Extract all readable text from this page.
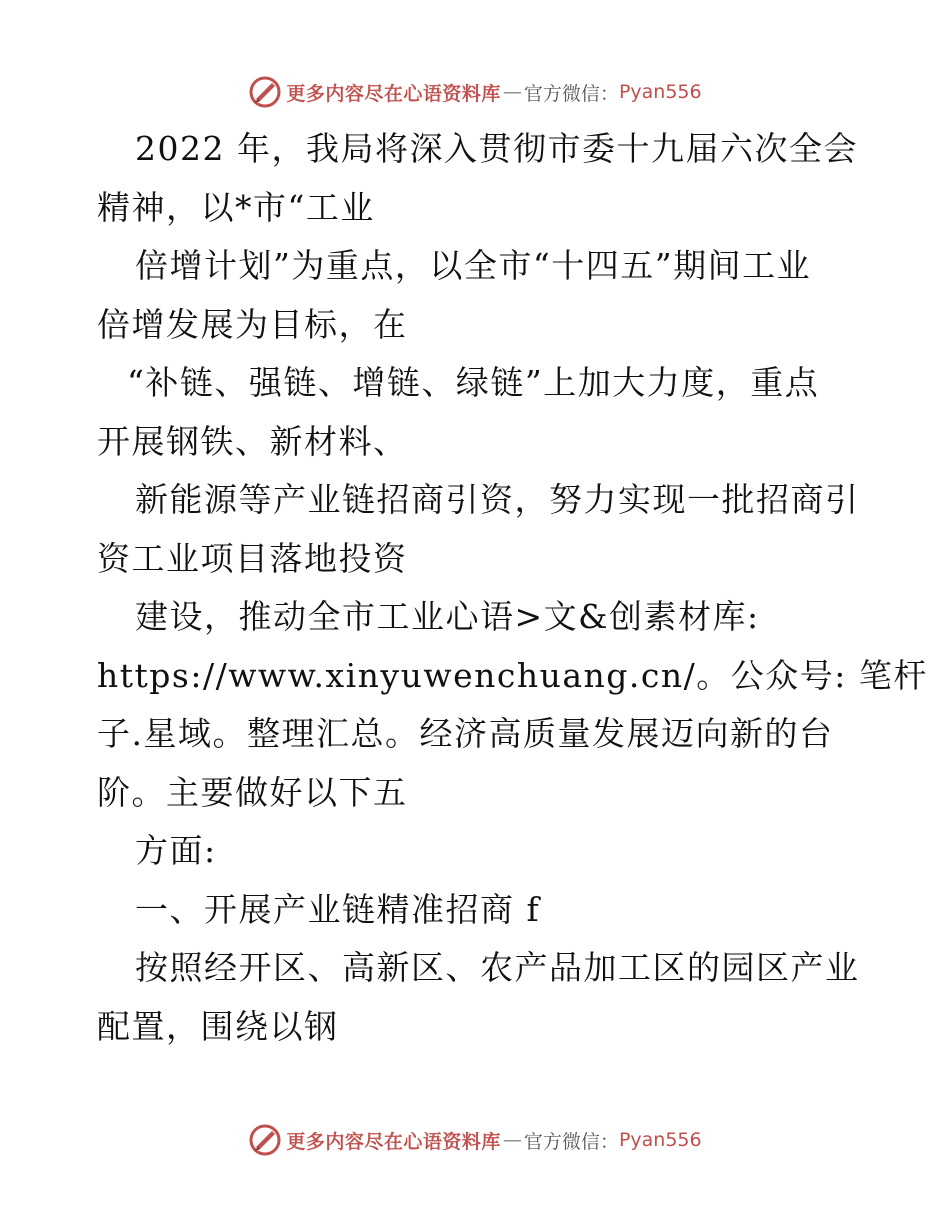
更多内容尽在心语资料库 — 官方微信： Pyan556
2022 年，我局将深入贯彻市委十九届六次全会
精神，以*市“工业
倍增计划”为重点，以全市“十四五”期间工业
倍增发展为目标，在
“补链、强链、增链、绿链”上加大力度，重点
开展钢铁、新材料、
新能源等产业链招商引资，努力实现一批招商引
资工业项目落地投资
建设，推动全市工业心语>文&创素材库:
https://www.xinyuwenchuang.cn/。公众号: 笔杆
子.星域。整理汇总。经济高质量发展迈向新的台
阶。主要做好以下五
方面:
一、开展产业链精准招商 f
按照经开区、高新区、农产品加工区的园区产业
配置，围绕以钢
更多内容尽在心语资料库 — 官方微信： Pyan556
